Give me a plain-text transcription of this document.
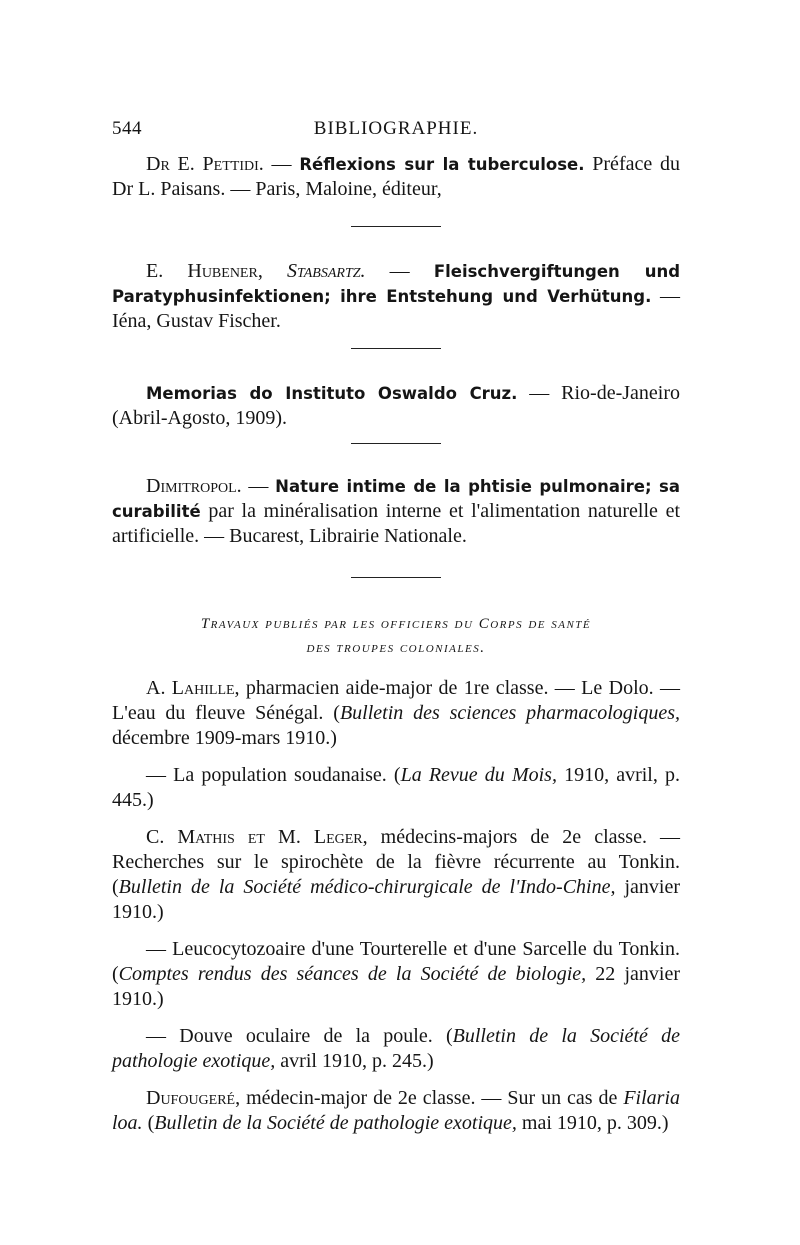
544	BIBLIOGRAPHIE.

Dr E. Pettidi. — Réflexions sur la tuberculose. Préface du Dr L. Paisans. — Paris, Maloine, éditeur,

E. Hubener, Stabsartz. — Fleischvergiftungen und Paratyphusinfektionen; ihre Entstehung und Verhütung. — Iéna, Gustav Fischer.

Memorias do Instituto Oswaldo Cruz. — Rio-de-Janeiro (Abril-Agosto, 1909).

Dimitropol. — Nature intime de la phtisie pulmonaire; sa curabilité par la minéralisation interne et l'alimentation naturelle et artificielle. — Bucarest, Librairie Nationale.

Travaux publiés par les officiers du Corps de santé
des troupes coloniales.

A. Lahille, pharmacien aide-major de 1re classe. — Le Dolo. — L'eau du fleuve Sénégal. (Bulletin des sciences pharmacologiques, décembre 1909-mars 1910.)

— La population soudanaise. (La Revue du Mois, 1910, avril, p. 445.)

C. Mathis et M. Leger, médecins-majors de 2e classe. — Recherches sur le spirochète de la fièvre récurrente au Tonkin. (Bulletin de la Société médico-chirurgicale de l'Indo-Chine, janvier 1910.)

— Leucocytozoaire d'une Tourterelle et d'une Sarcelle du Tonkin. (Comptes rendus des séances de la Société de biologie, 22 janvier 1910.)

— Douve oculaire de la poule. (Bulletin de la Société de pathologie exotique, avril 1910, p. 245.)

Dufougeré, médecin-major de 2e classe. — Sur un cas de Filaria loa. (Bulletin de la Société de pathologie exotique, mai 1910, p. 309.)
